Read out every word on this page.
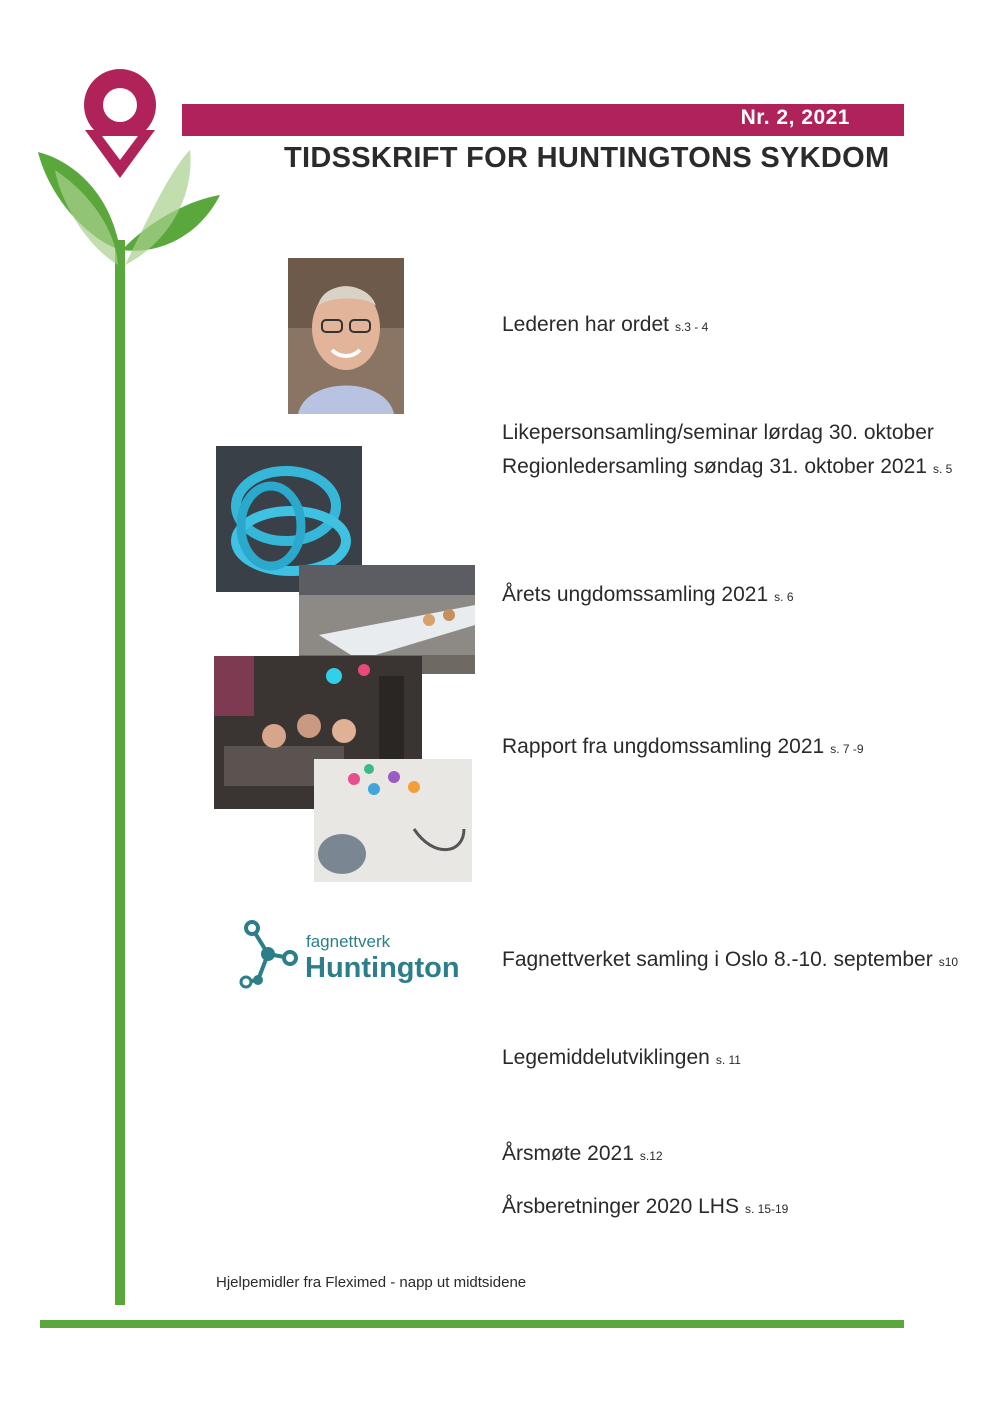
Nr. 2, 2021
TIDSSKRIFT FOR HUNTINGTONS SYKDOM
fagnettverk
Huntington
Lederen har ordet s.3 - 4
Likepersonsamling/seminar lørdag 30. oktober
Regionledersamling søndag 31. oktober 2021 s. 5
Årets ungdomssamling 2021 s. 6
Rapport fra ungdomssamling 2021 s. 7 -9
Fagnettverket samling i Oslo 8.-10. september s10
Legemiddelutviklingen s. 11
Årsmøte 2021 s.12
Årsberetninger 2020 LHS s. 15-19
Hjelpemidler fra Fleximed - napp ut midtsidene
